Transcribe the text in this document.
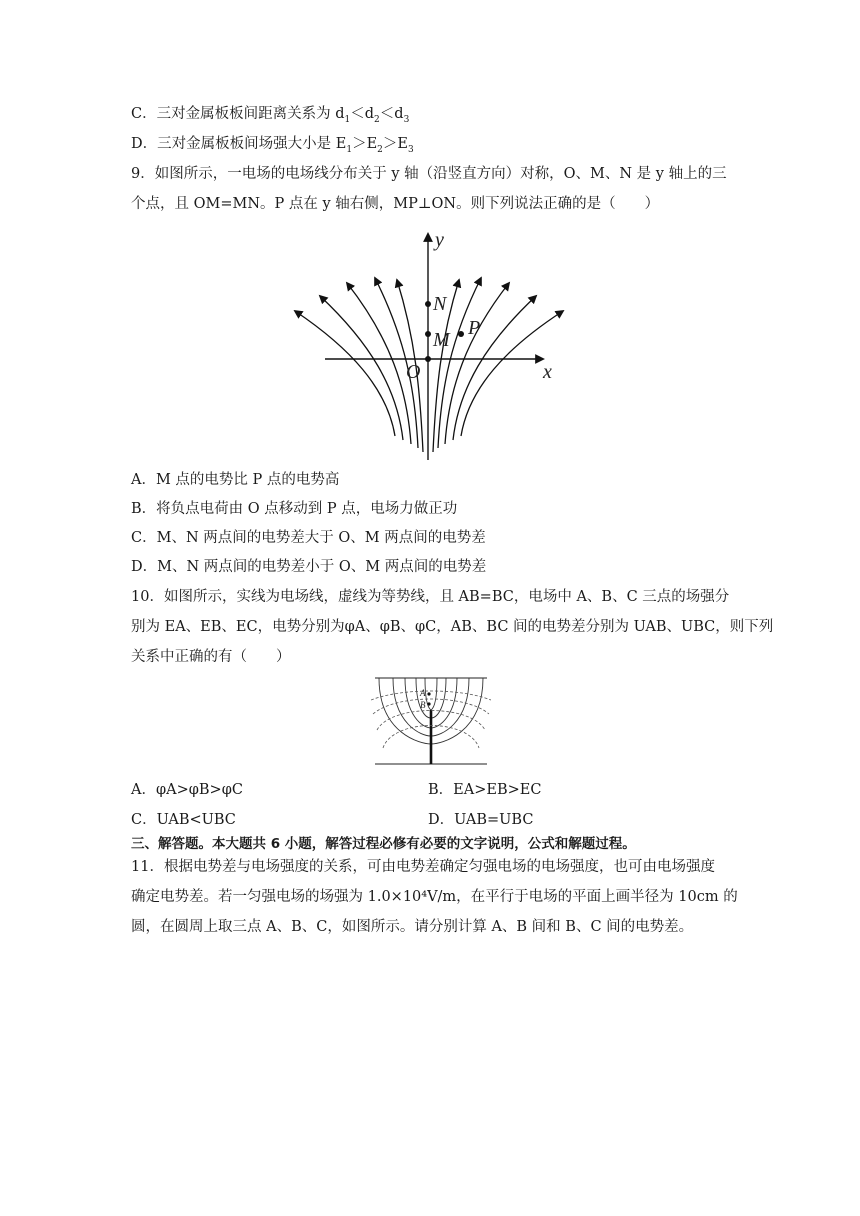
C．三对金属板板间距离关系为 $d_1<d_2<d_3$
D．三对金属板板间场强大小是 $E_1>E_2>E_3$
9．如图所示，一电场的电场线分布关于 y 轴（沿竖直方向）对称，O、M、N 是 y 轴上的三
个点，且 OM=MN。P 点在 y 轴右侧，MP⊥ON。则下列说法正确的是（　　）
y
x
N
M
P
O
A．M 点的电势比 P 点的电势高
B．将负点电荷由 O 点移动到 P 点，电场力做正功
C．M、N 两点间的电势差大于 O、M 两点间的电势差
D．M、N 两点间的电势差小于 O、M 两点间的电势差
10．如图所示，实线为电场线，虚线为等势线，且 AB=BC，电场中 A、B、C 三点的场强分
别为 EA、EB、EC，电势分别为φA、φB、φC，AB、BC 间的电势差分别为 UAB、UBC，则下列
关系中正确的有（　　）
A
B
A．φA>φB>φC	B．EA>EB>EC
C．UAB<UBC	D．UAB=UBC
三、解答题。本大题共 6 小题，解答过程必修有必要的文字说明，公式和解题过程。
11．根据电势差与电场强度的关系，可由电势差确定匀强电场的电场强度，也可由电场强度
确定电势差。若一匀强电场的场强为 1.0×10⁴V/m，在平行于电场的平面上画半径为 10cm 的
圆，在圆周上取三点 A、B、C，如图所示。请分别计算 A、B 间和 B、C 间的电势差。
